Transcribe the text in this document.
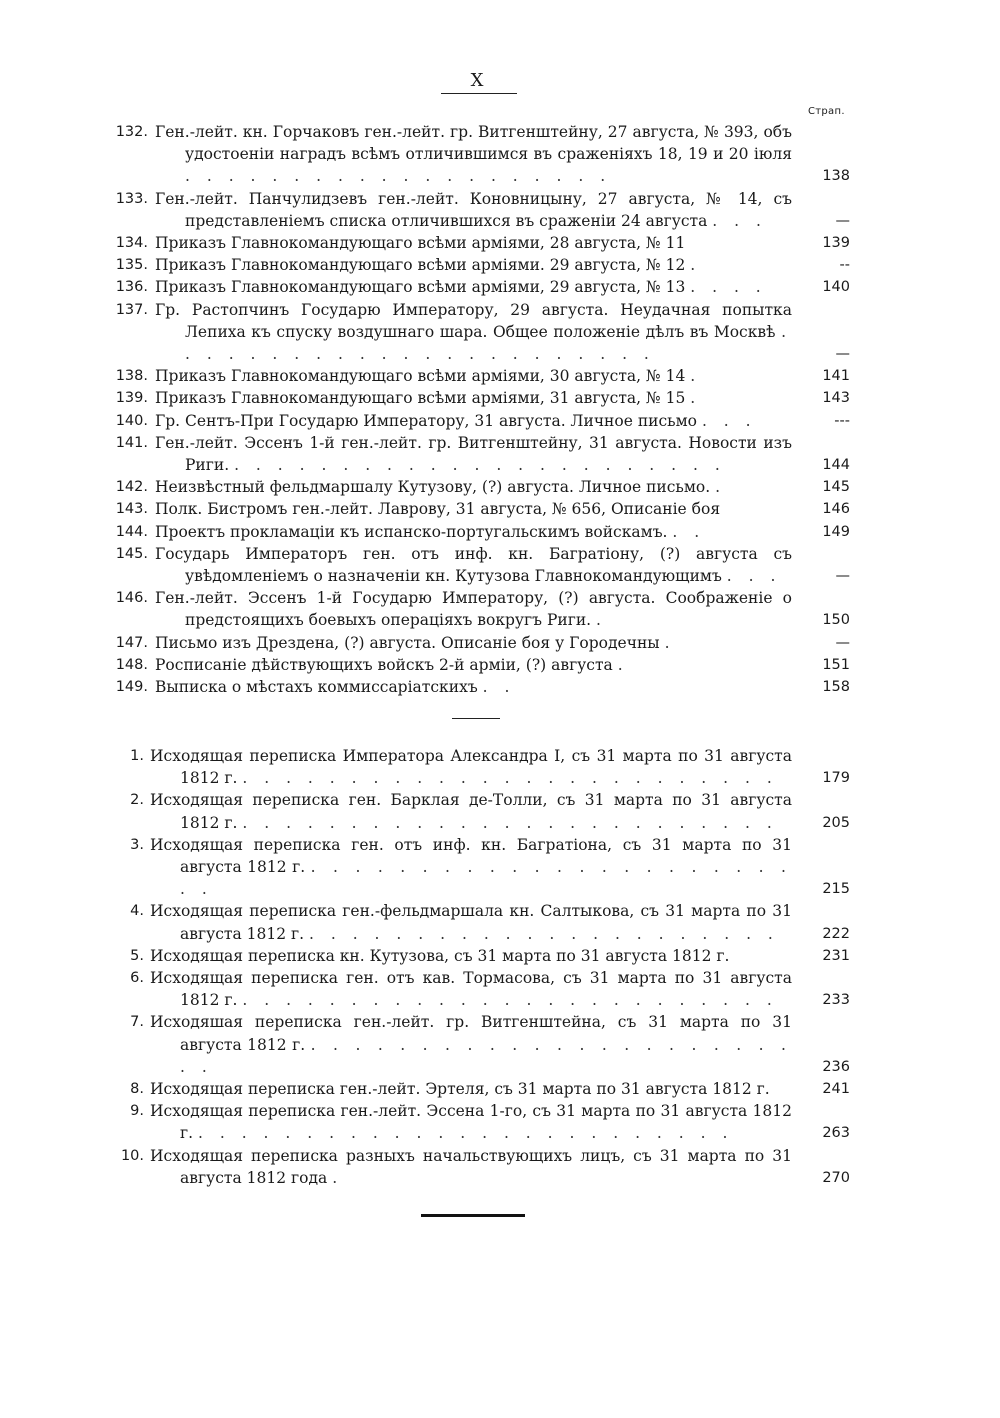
X
Страп.
132. Ген.-лейт. кн. Горчаковъ ген.-лейт. гр. Витгенштейну, 27 августа, № 393, объ удостоеніи наградъ всѣмъ отличившимся въ сраженіяхъ 18, 19 и 20 іюля . . . . . . . . . . . . . . . . . . . .	138
133. Ген.-лейт. Панчулидзевъ ген.-лейт. Коновницыну, 27 августа, № 14, съ представленіемъ списка отличившихся въ сраженіи 24 августа . . .	—
134. Приказъ Главнокомандующаго всѣми арміями, 28 августа, № 11	139
135. Приказъ Главнокомандующаго всѣми арміями. 29 августа, № 12 .	--
136. Приказъ Главнокомандующаго всѣми арміями, 29 августа, № 13 . . . .	140
137. Гр. Растопчинъ Государю Императору, 29 августа. Неудачная попытка Лепиха къ спуску воздушнаго шара. Общее положеніе дѣлъ въ Москвѣ . . . . . . . . . . . . . . . . . . . . . . .	—
138. Приказъ Главнокомандующаго всѣми арміями, 30 августа, № 14 .	141
139. Приказъ Главнокомандующаго всѣми арміями, 31 августа, № 15 .	143
140. Гр. Сентъ-При Государю Императору, 31 августа. Личное письмо . . .	---
141. Ген.-лейт. Эссенъ 1-й ген.-лейт. гр. Витгенштейну, 31 августа. Новости изъ Риги. . . . . . . . . . . . . . . . . . . . . . . .	144
142. Неизвѣстный фельдмаршалу Кутузову, (?) августа. Личное письмо. .	145
143. Полк. Бистромъ ген.-лейт. Лаврову, 31 августа, № 656, Описаніе боя	146
144. Проектъ прокламаціи къ испанско-португальскимъ войскамъ. . .	149
145. Государь Императоръ ген. отъ инф. кн. Багратіону, (?) августа съ увѣдомленіемъ о назначеніи кн. Кутузова Главнокомандующимъ . . .	—
146. Ген.-лейт. Эссенъ 1-й Государю Императору, (?) августа. Соображеніе о предстоящихъ боевыхъ операціяхъ вокругъ Риги. .	150
147. Письмо изъ Дрездена, (?) августа. Описаніе боя у Городечны .	—
148. Росписаніе дѣйствующихъ войскъ 2-й арміи, (?) августа .	151
149. Выписка о мѣстахъ коммиссаріатскихъ . .	158
1. Исходящая переписка Императора Александра I, съ 31 марта по 31 августа 1812 г. . . . . . . . . . . . . . . . . . . . . . . . . .	179
2. Исходящая переписка ген. Барклая де-Толли, съ 31 марта по 31 августа 1812 г. . . . . . . . . . . . . . . . . . . . . . . . . .	205
3. Исходящая переписка ген. отъ инф. кн. Багратіона, съ 31 марта по 31 августа 1812 г. . . . . . . . . . . . . . . . . . . . . . . . .	215
4. Исходящая переписка ген.-фельдмаршала кн. Салтыкова, съ 31 марта по 31 августа 1812 г. . . . . . . . . . . . . . . . . . . . . . .	222
5. Исходящая переписка кн. Кутузова, съ 31 марта по 31 августа 1812 г.	231
6. Исходящая переписка ген. отъ кав. Тормасова, съ 31 марта по 31 августа 1812 г. . . . . . . . . . . . . . . . . . . . . . . . . .	233
7. Исходяшая переписка ген.-лейт. гр. Витгенштейна, съ 31 марта по 31 августа 1812 г. . . . . . . . . . . . . . . . . . . . . . . . .	236
8. Исходящая переписка ген.-лейт. Эртеля, съ 31 марта по 31 августа 1812 г.	241
9. Исходящая переписка ген.-лейт. Эссена 1-го, съ 31 марта по 31 августа 1812 г. . . . . . . . . . . . . . . . . . . . . . . . . .	263
10. Исходящая переписка разныхъ начальствующихъ лицъ, съ 31 марта по 31 августа 1812 года .	270
